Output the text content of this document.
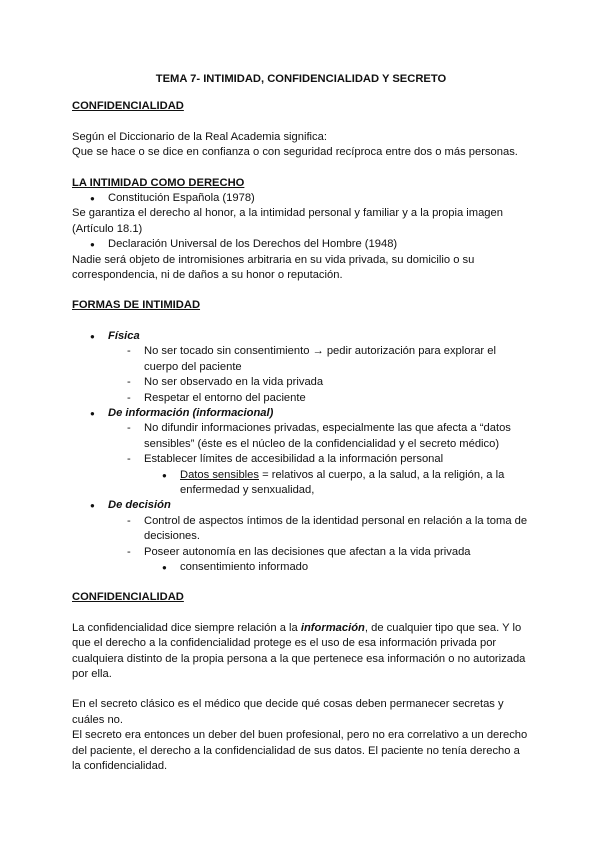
TEMA 7- INTIMIDAD, CONFIDENCIALIDAD Y SECRETO

CONFIDENCIALIDAD

Según el Diccionario de la Real Academia significa:

Que se hace o se dice en confianza o con seguridad recíproca entre dos o más personas.

LA INTIMIDAD COMO DERECHO

● Constitución Española (1978)

Se garantiza el derecho al honor, a la intimidad personal y familiar y a la propia imagen (Artículo 18.1)

● Declaración Universal de los Derechos del Hombre (1948)

Nadie será objeto de intromisiones arbitraria en su vida privada, su domicilio o su correspondencia, ni de daños a su honor o reputación.

FORMAS DE INTIMIDAD

● Física
- No ser tocado sin consentimiento → pedir autorización para explorar el cuerpo del paciente
- No ser observado en la vida privada
- Respetar el entorno del paciente
● De información (informacional)
- No difundir informaciones privadas, especialmente las que afecta a “datos sensibles” (éste es el núcleo de la confidencialidad y el secreto médico)
- Establecer límites de accesibilidad a la información personal
● Datos sensibles = relativos al cuerpo, a la salud, a la religión, a la enfermedad y senxualidad,
● De decisión
- Control de aspectos íntimos de la identidad personal en relación a la toma de decisiones.
- Poseer autonomía en las decisiones que afectan a la vida privada
● consentimiento informado

CONFIDENCIALIDAD

La confidencialidad dice siempre relación a la información, de cualquier tipo que sea. Y lo que el derecho a la confidencialidad protege es el uso de esa información privada por cualquiera distinto de la propia persona a la que pertenece esa información o no autorizada por ella.

En el secreto clásico es el médico que decide qué cosas deben permanecer secretas y cuáles no.

El secreto era entonces un deber del buen profesional, pero no era correlativo a un derecho del paciente, el derecho a la confidencialidad de sus datos. El paciente no tenía derecho a la confidencialidad.
